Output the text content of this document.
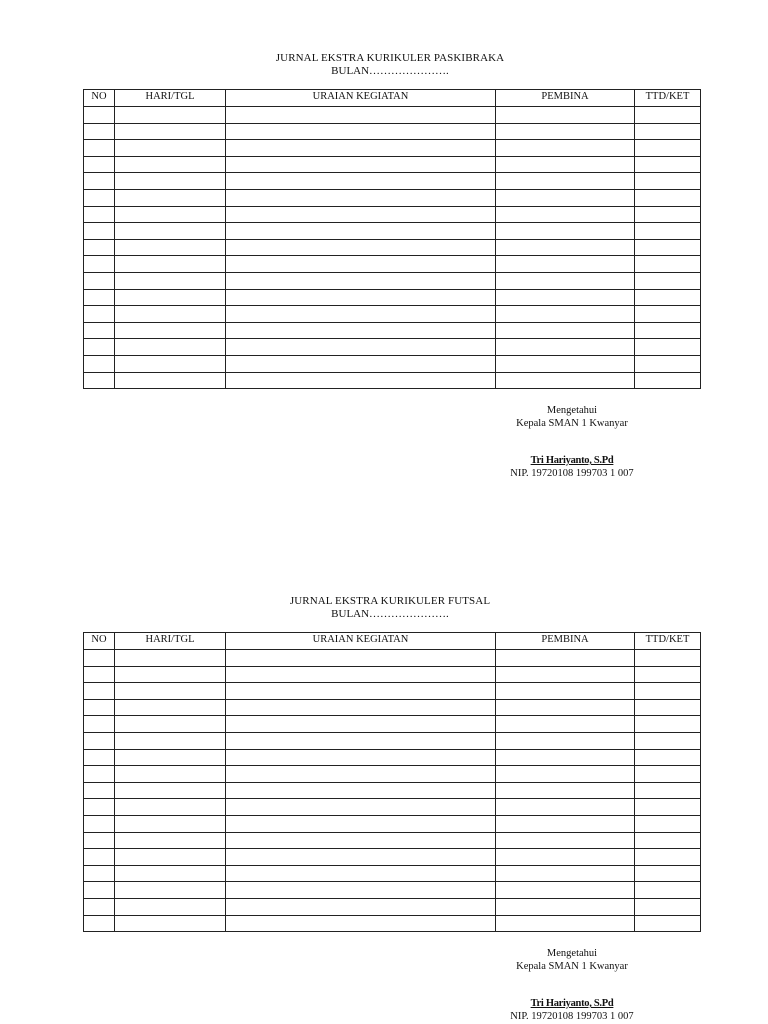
JURNAL EKSTRA KURIKULER PASKIBRAKA
BULAN………………….
NO	HARI/TGL	URAIAN KEGIATAN	PEMBINA	TTD/KET

Mengetahui
Kepala SMAN 1 Kwanyar
Tri Hariyanto, S.Pd
NIP. 19720108 199703 1 007
JURNAL EKSTRA KURIKULER FUTSAL
BULAN………………….
NO	HARI/TGL	URAIAN KEGIATAN	PEMBINA	TTD/KET

Mengetahui
Kepala SMAN 1 Kwanyar
Tri Hariyanto, S.Pd
NIP. 19720108 199703 1 007
